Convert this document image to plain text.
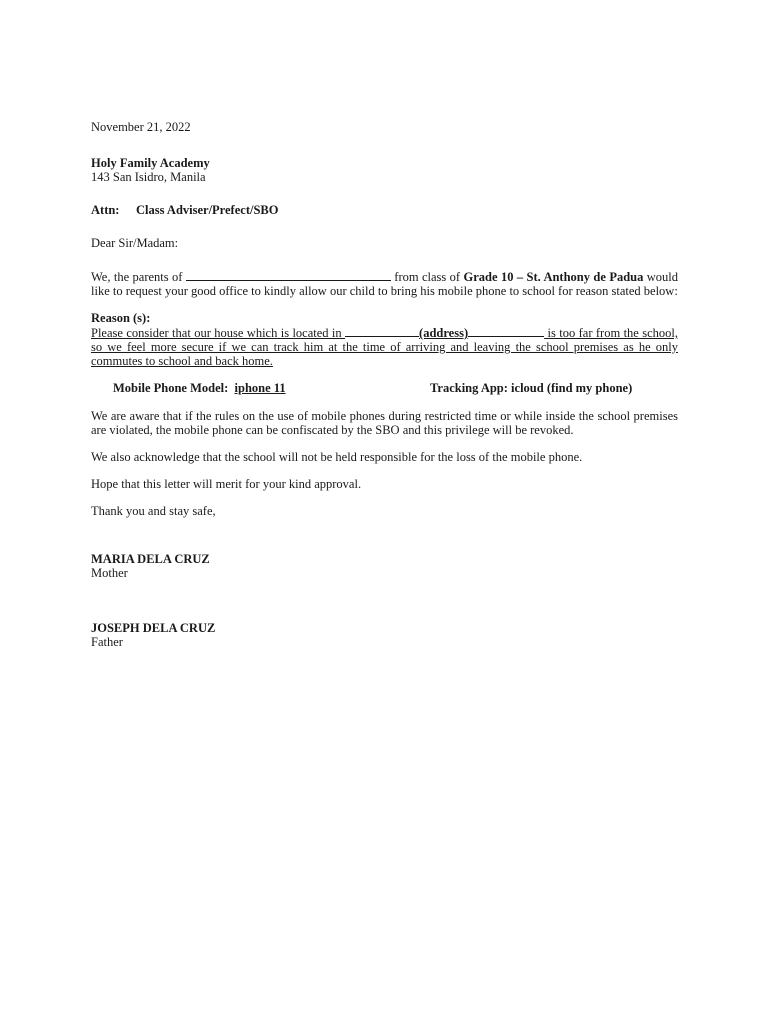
November 21, 2022

Holy Family Academy

143 San Isidro, Manila

Attn: Class Adviser/Prefect/SBO

Dear Sir/Madam:

We, the parents of	from class of Grade 10 – St. Anthony de Padua would like to request your good office to kindly allow our child to bring his mobile phone to school for reason stated below:

Reason (s):

Please consider that our house which is located in	(address)	is too far from the school, so we feel more secure if we can track him at the time of arriving and leaving the school premises as he only commutes to school and back home.

Mobile Phone Model: iphone 11	Tracking App: icloud (find my phone)

We are aware that if the rules on the use of mobile phones during restricted time or while inside the school premises are violated, the mobile phone can be confiscated by the SBO and this privilege will be revoked.

We also acknowledge that the school will not be held responsible for the loss of the mobile phone.

Hope that this letter will merit for your kind approval.

Thank you and stay safe,

MARIA DELA CRUZ
Mother
JOSEPH DELA CRUZ
Father
